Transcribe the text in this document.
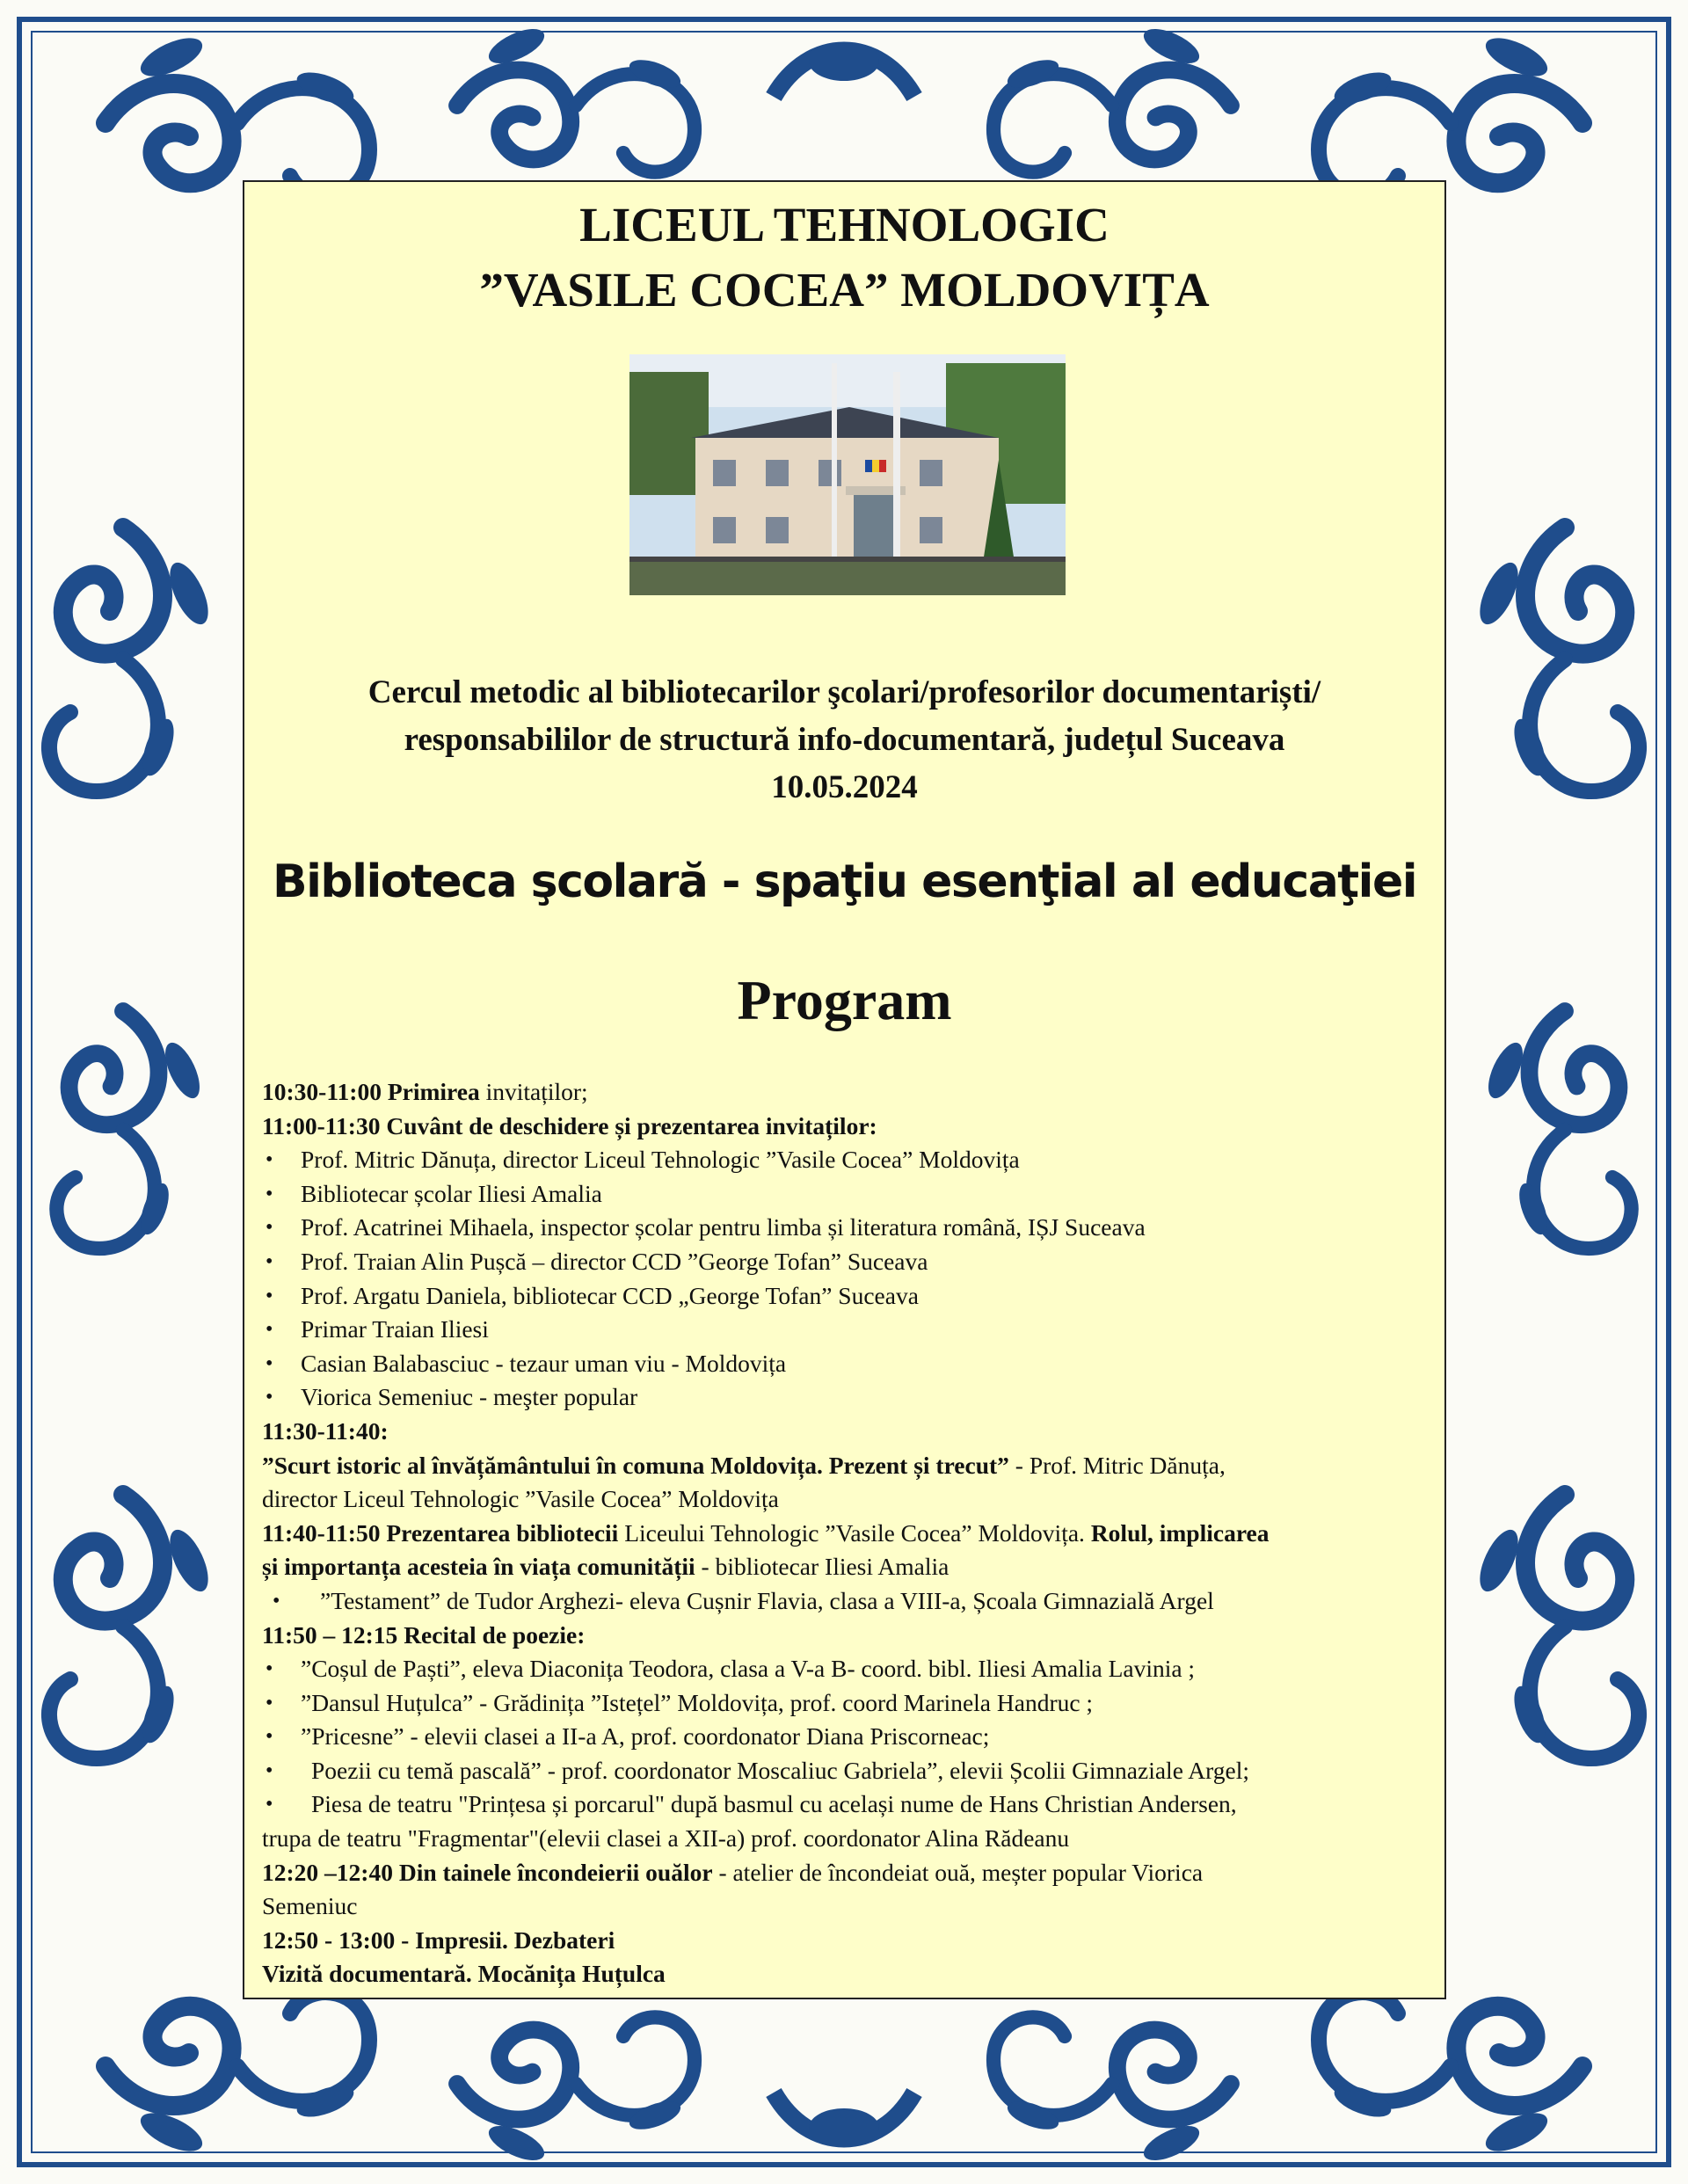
LICEUL TEHNOLOGIC
”VASILE COCEA” MOLDOVIȚA
Cercul metodic al bibliotecarilor şcolari/profesorilor documentariști/
responsabililor de structură info-documentară, județul Suceava
10.05.2024
Biblioteca şcolară - spaţiu esenţial al educaţiei
Program
10:30-11:00 Primirea invitaților;
11:00-11:30 Cuvânt de deschidere și prezentarea invitaților:
• Prof. Mitric Dănuța, director Liceul Tehnologic ”Vasile Cocea” Moldovița
• Bibliotecar școlar Iliesi Amalia
• Prof. Acatrinei Mihaela, inspector școlar pentru limba și literatura română, IȘJ Suceava
• Prof. Traian Alin Pușcă – director CCD ”George Tofan” Suceava
• Prof. Argatu Daniela, bibliotecar CCD „George Tofan” Suceava
• Primar Traian Iliesi
• Casian Balabasciuc - tezaur uman viu - Moldovița
• Viorica Semeniuc - meşter popular
11:30-11:40:
”Scurt istoric al învățământului în comuna Moldovița. Prezent și trecut” - Prof. Mitric Dănuța,
director Liceul Tehnologic ”Vasile Cocea” Moldovița
11:40-11:50 Prezentarea bibliotecii Liceului Tehnologic ”Vasile Cocea” Moldovița. Rolul, implicarea
și importanța acesteia în viața comunității - bibliotecar Iliesi Amalia
• ”Testament” de Tudor Arghezi- eleva Cușnir Flavia, clasa a VIII-a, Școala Gimnazială Argel
11:50 – 12:15 Recital de poezie:
• ”Coșul de Paști”, eleva Diaconița Teodora, clasa a V-a B- coord. bibl. Iliesi Amalia Lavinia ;
• ”Dansul Huțulca” - Grădinița ”Istețel” Moldovița, prof. coord Marinela Handruc ;
• ”Pricesne” - elevii clasei a II-a A, prof. coordonator Diana Priscorneac;
• Poezii cu temă pascală” - prof. coordonator Moscaliuc Gabriela”, elevii Școlii Gimnaziale Argel;
• Piesa de teatru "Prințesa și porcarul" după basmul cu același nume de Hans Christian Andersen,
trupa de teatru "Fragmentar"(elevii clasei a XII-a) prof. coordonator Alina Rădeanu
12:20 –12:40 Din tainele încondeierii ouălor - atelier de încondeiat ouă, meșter popular Viorica
Semeniuc
12:50 - 13:00 - Impresii. Dezbateri
Vizită documentară. Mocănița Huțulca
